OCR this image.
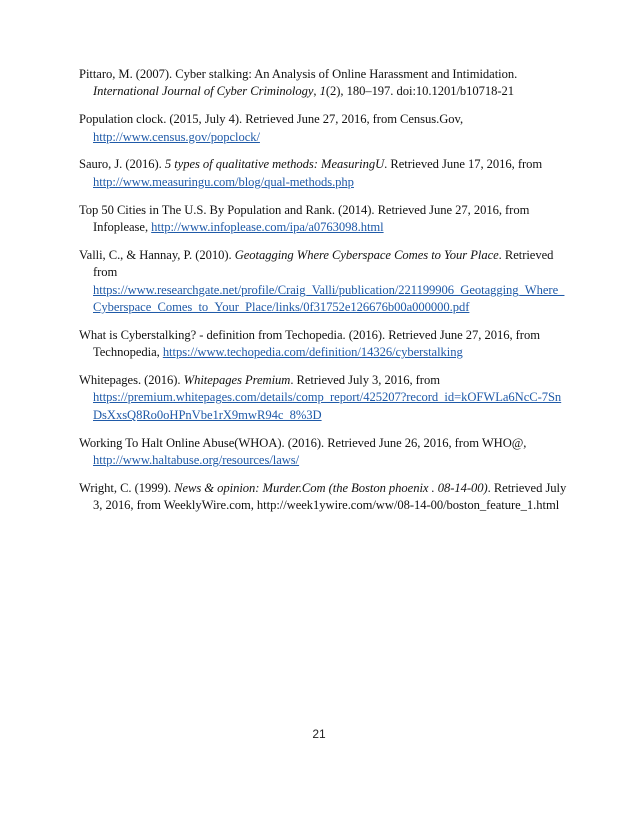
Pittaro, M. (2007). Cyber stalking: An Analysis of Online Harassment and Intimidation.
International Journal of Cyber Criminology, 1(2), 180–197. doi:10.1201/b10718-21

Population clock. (2015, July 4). Retrieved June 27, 2016, from Census.Gov,
http://www.census.gov/popclock/

Sauro, J. (2016). 5 types of qualitative methods: MeasuringU. Retrieved June 17, 2016, from
http://www.measuringu.com/blog/qual-methods.php

Top 50 Cities in The U.S. By Population and Rank. (2014). Retrieved June 27, 2016, from Infoplease, http://www.infoplease.com/ipa/a0763098.html

Valli, C., & Hannay, P. (2010). Geotagging Where Cyberspace Comes to Your Place. Retrieved from
https://www.researchgate.net/profile/Craig_Valli/publication/221199906_Geotagging_Where_Cyberspace_Comes_to_Your_Place/links/0f31752e126676b00a000000.pdf

What is Cyberstalking? - definition from Techopedia. (2016). Retrieved June 27, 2016, from Technopedia, https://www.techopedia.com/definition/14326/cyberstalking

Whitepages. (2016). Whitepages Premium. Retrieved July 3, 2016, from
https://premium.whitepages.com/details/comp_report/425207?record_id=kOFWLa6NcC-7SnDsXxsQ8Ro0oHPnVbe1rX9mwR94c_8%3D

Working To Halt Online Abuse(WHOA). (2016). Retrieved June 26, 2016, from WHO@,
http://www.haltabuse.org/resources/laws/

Wright, C. (1999). News & opinion: Murder.Com (the Boston phoenix . 08-14-00). Retrieved July 3, 2016, from WeeklyWire.com, http://week1ywire.com/ww/08-14-00/boston_feature_1.html

21
